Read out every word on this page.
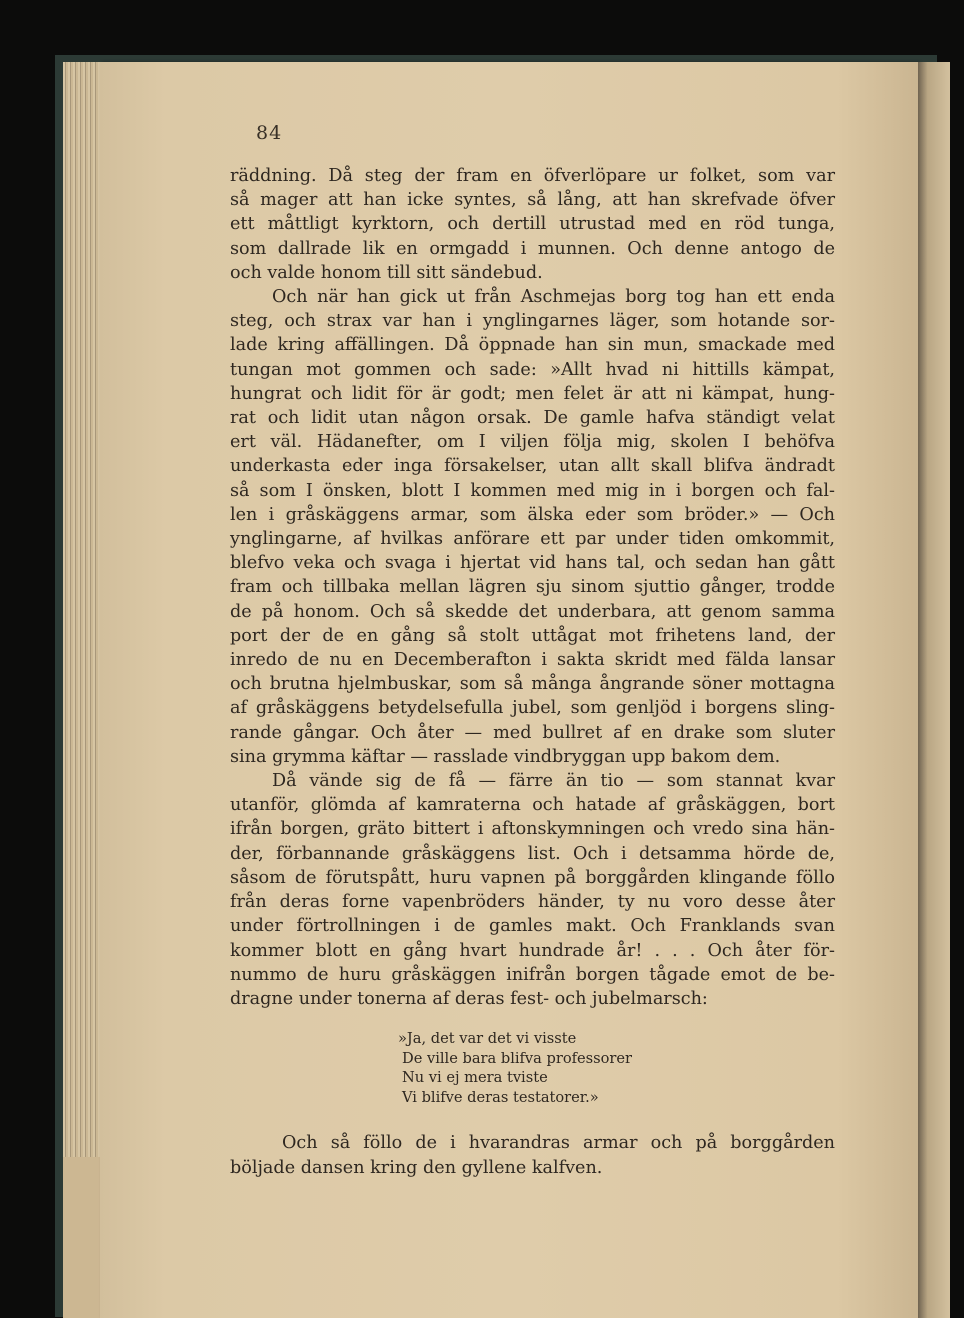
84

räddning. Då steg der fram en öfverlöpare ur folket, som var

så mager att han icke syntes, så lång, att han skrefvade öfver

ett måttligt kyrktorn, och dertill utrustad med en röd tunga,

som dallrade lik en ormgadd i munnen. Och denne antogo de

och valde honom till sitt sändebud.

Och när han gick ut från Aschmejas borg tog han ett enda

steg, och strax var han i ynglingarnes läger, som hotande sor-

lade kring affällingen. Då öppnade han sin mun, smackade med

tungan mot gommen och sade: »Allt hvad ni hittills kämpat,

hungrat och lidit för är godt; men felet är att ni kämpat, hung-

rat och lidit utan någon orsak. De gamle hafva ständigt velat

ert väl. Hädanefter, om I viljen följa mig, skolen I behöfva

underkasta eder inga försakelser, utan allt skall blifva ändradt

så som I önsken, blott I kommen med mig in i borgen och fal-

len i gråskäggens armar, som älska eder som bröder.» — Och

ynglingarne, af hvilkas anförare ett par under tiden omkommit,

blefvo veka och svaga i hjertat vid hans tal, och sedan han gått

fram och tillbaka mellan lägren sju sinom sjuttio gånger, trodde

de på honom. Och så skedde det underbara, att genom samma

port der de en gång så stolt uttågat mot frihetens land, der

inredo de nu en Decemberafton i sakta skridt med fälda lansar

och brutna hjelmbuskar, som så många ångrande söner mottagna

af gråskäggens betydelsefulla jubel, som genljöd i borgens sling-

rande gångar. Och åter — med bullret af en drake som sluter

sina grymma käftar — rasslade vindbryggan upp bakom dem.

Då vände sig de få — färre än tio — som stannat kvar

utanför, glömda af kamraterna och hatade af gråskäggen, bort

ifrån borgen, gräto bittert i aftonskymningen och vredo sina hän-

der, förbannande gråskäggens list. Och i detsamma hörde de,

såsom de förutspått, huru vapnen på borggården klingande föllo

från deras forne vapenbröders händer, ty nu voro desse åter

under förtrollningen i de gamles makt. Och Franklands svan

kommer blott en gång hvart hundrade år! . . . Och åter för-

nummo de huru gråskäggen inifrån borgen tågade emot de be-

dragne under tonerna af deras fest- och jubelmarsch:

»Ja, det var det vi visste
De ville bara blifva professorer
Nu vi ej mera tviste
Vi blifve deras testatorer.»

Och så föllo de i hvarandras armar och på borggården böljade dansen kring den gyllene kalfven.
